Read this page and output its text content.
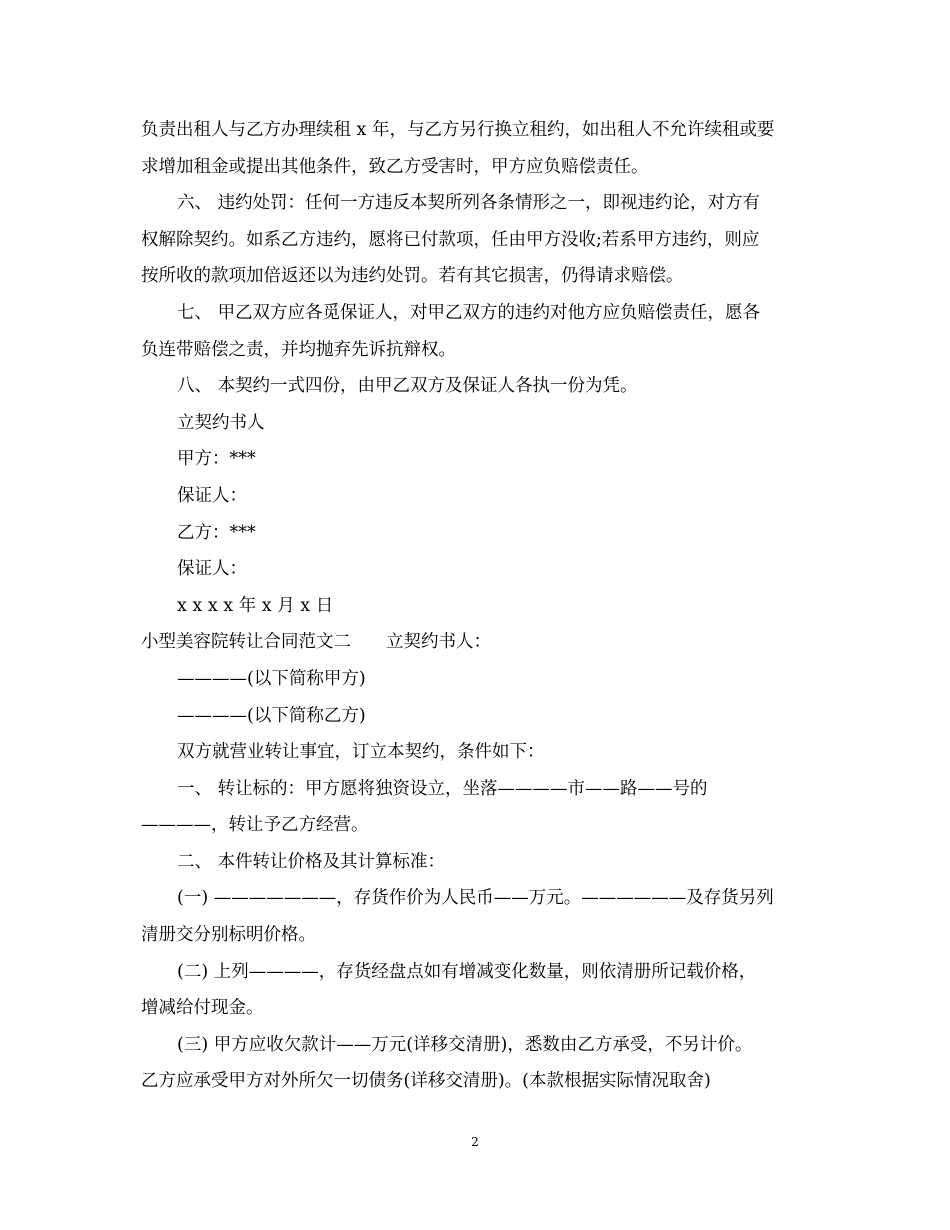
负责出租人与乙方办理续租 x 年，与乙方另行换立租约，如出租人不允许续租或要
求增加租金或提出其他条件，致乙方受害时，甲方应负赔偿责任。
六、 违约处罚：任何一方违反本契所列各条情形之一，即视违约论，对方有
权解除契约。如系乙方违约，愿将已付款项，任由甲方没收;若系甲方违约，则应
按所收的款项加倍返还以为违约处罚。若有其它损害，仍得请求赔偿。
七、 甲乙双方应各觅保证人，对甲乙双方的违约对他方应负赔偿责任，愿各
负连带赔偿之责，并均抛弃先诉抗辩权。
八、 本契约一式四份，由甲乙双方及保证人各执一份为凭。
立契约书人
甲方：***
保证人：
乙方：***
保证人：
x x x x 年 x 月 x 日
小型美容院转让合同范文二　　立契约书人：
————(以下简称甲方)
————(以下简称乙方)
双方就营业转让事宜，订立本契约，条件如下：
一、 转让标的：甲方愿将独资设立，坐落————市——路——号的
————，转让予乙方经营。
二、 本件转让价格及其计算标准：
(一) ———————，存货作价为人民币——万元。——————及存货另列
清册交分别标明价格。
(二) 上列————，存货经盘点如有增减变化数量，则依清册所记载价格，
增减给付现金。
(三) 甲方应收欠款计——万元(详移交清册)，悉数由乙方承受，不另计价。
乙方应承受甲方对外所欠一切债务(详移交清册)。(本款根据实际情况取舍)
2
